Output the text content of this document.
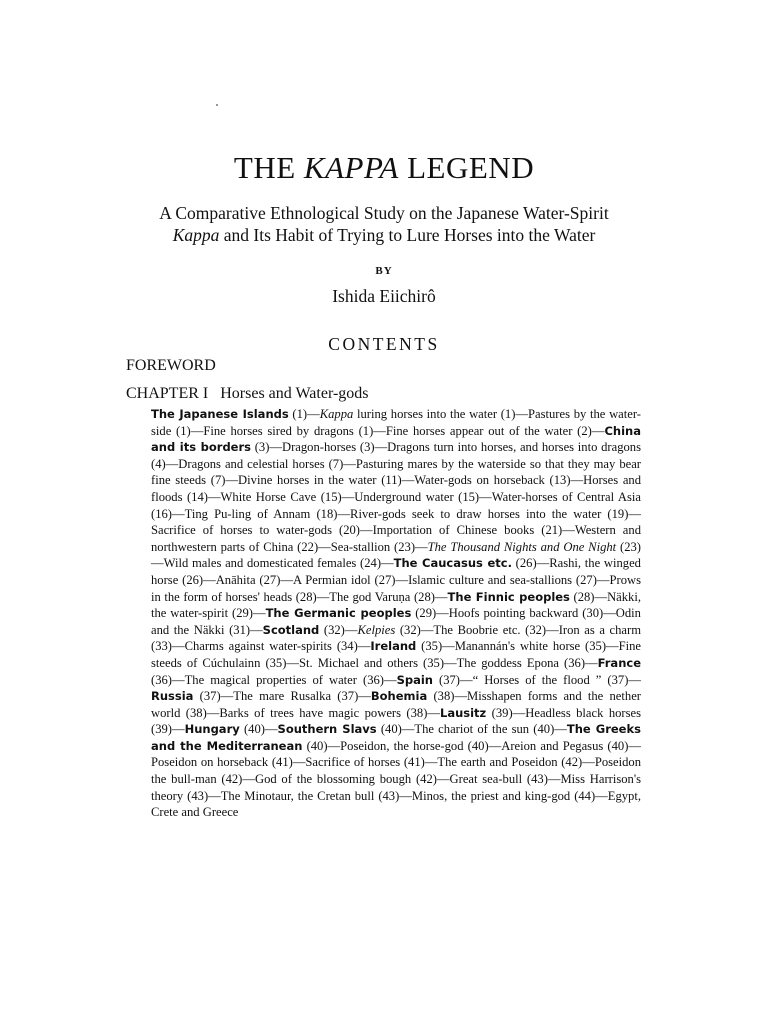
THE KAPPA LEGEND
A Comparative Ethnological Study on the Japanese Water-Spirit
Kappa and Its Habit of Trying to Lure Horses into the Water
BY
Ishida Eiichirô
CONTENTS
FOREWORD
CHAPTER I   Horses and Water-gods

The Japanese Islands (1)—Kappa luring horses into the water (1)—Pastures by the water-side (1)—Fine horses sired by dragons (1)—Fine horses appear out of the water (2)—China and its borders (3)—Dragon-horses (3)—Dragons turn into horses, and horses into dragons (4)—Dragons and celestial horses (7)—Pasturing mares by the waterside so that they may bear fine steeds (7)—Divine horses in the water (11)—Water-gods on horseback (13)—Horses and floods (14)—White Horse Cave (15)—Underground water (15)—Water-horses of Central Asia (16)—Ting Pu-ling of Annam (18)—River-gods seek to draw horses into the water (19)—Sacrifice of horses to water-gods (20)—Importation of Chinese books (21)—Western and northwestern parts of China (22)—Sea-stallion (23)—The Thousand Nights and One Night (23)—Wild males and domesticated females (24)—The Caucasus etc. (26)—Rashi, the winged horse (26)—Anāhita (27)—A Permian idol (27)—Islamic culture and sea-stallions (27)—Prows in the form of horses' heads (28)—The god Varuṇa (28)—The Finnic peoples (28)—Näkki, the water-spirit (29)—The Germanic peoples (29)—Hoofs pointing backward (30)—Odin and the Näkki (31)—Scotland (32)—Kelpies (32)—The Boobrie etc. (32)—Iron as a charm (33)—Charms against water-spirits (34)—Ireland (35)—Manannán's white horse (35)—Fine steeds of Cúchulainn (35)—St. Michael and others (35)—The goddess Epona (36)—France (36)—The magical properties of water (36)—Spain (37)—“ Horses of the flood ” (37)—Russia (37)—The mare Rusalka (37)—Bohemia (38)—Misshapen forms and the nether world (38)—Barks of trees have magic powers (38)—Lausitz (39)—Headless black horses (39)—Hungary (40)—Southern Slavs (40)—The chariot of the sun (40)—The Greeks and the Mediterranean (40)—Poseidon, the horse-god (40)—Areion and Pegasus (40)—Poseidon on horseback (41)—Sacrifice of horses (41)—The earth and Poseidon (42)—Poseidon the bull-man (42)—God of the blossoming bough (42)—Great sea-bull (43)—Miss Harrison's theory (43)—The Minotaur, the Cretan bull (43)—Minos, the priest and king-god (44)—Egypt, Crete and Greece
